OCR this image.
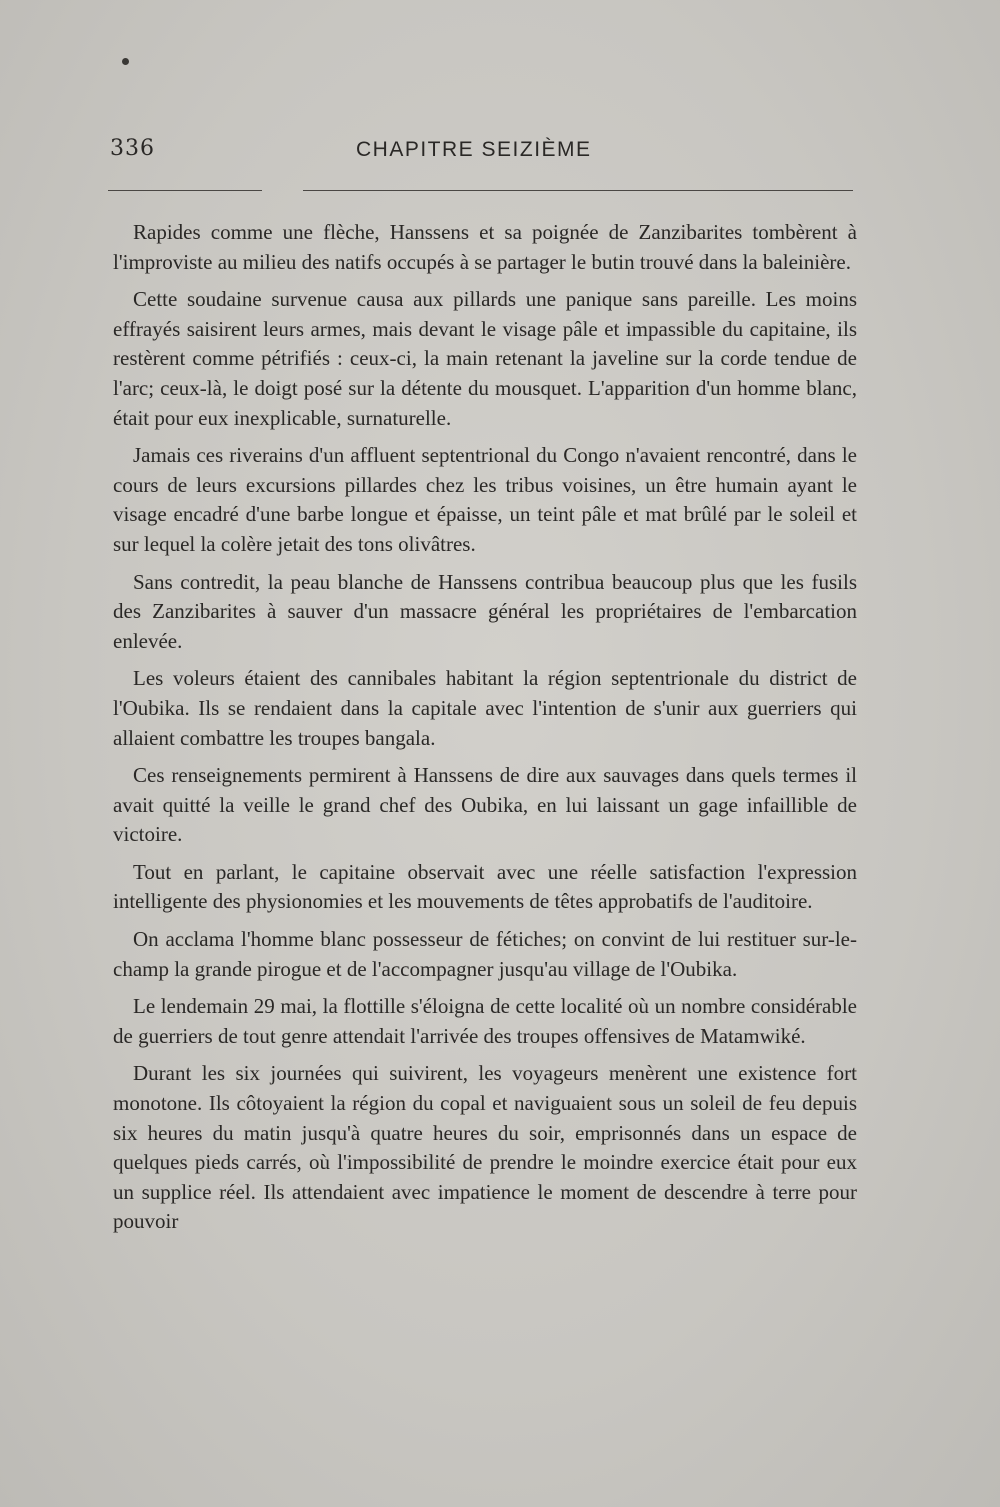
336	CHAPITRE SEIZIÈME

Rapides comme une flèche, Hanssens et sa poignée de Zanzibarites tombèrent à l'improviste au milieu des natifs occupés à se partager le butin trouvé dans la baleinière.

Cette soudaine survenue causa aux pillards une panique sans pareille. Les moins effrayés saisirent leurs armes, mais devant le visage pâle et impassible du capitaine, ils restèrent comme pétrifiés : ceux-ci, la main retenant la javeline sur la corde tendue de l'arc; ceux-là, le doigt posé sur la détente du mousquet. L'apparition d'un homme blanc, était pour eux inexplicable, surnaturelle.

Jamais ces riverains d'un affluent septentrional du Congo n'avaient rencontré, dans le cours de leurs excursions pillardes chez les tribus voisines, un être humain ayant le visage encadré d'une barbe longue et épaisse, un teint pâle et mat brûlé par le soleil et sur lequel la colère jetait des tons olivâtres.

Sans contredit, la peau blanche de Hanssens contribua beaucoup plus que les fusils des Zanzibarites à sauver d'un massacre général les propriétaires de l'embarcation enlevée.

Les voleurs étaient des cannibales habitant la région septentrionale du district de l'Oubika. Ils se rendaient dans la capitale avec l'intention de s'unir aux guerriers qui allaient combattre les troupes bangala.

Ces renseignements permirent à Hanssens de dire aux sauvages dans quels termes il avait quitté la veille le grand chef des Oubika, en lui laissant un gage infaillible de victoire.

Tout en parlant, le capitaine observait avec une réelle satisfaction l'expression intelligente des physionomies et les mouvements de têtes approbatifs de l'auditoire.

On acclama l'homme blanc possesseur de fétiches; on convint de lui restituer sur-le-champ la grande pirogue et de l'accompagner jusqu'au village de l'Oubika.

Le lendemain 29 mai, la flottille s'éloigna de cette localité où un nombre considérable de guerriers de tout genre attendait l'arrivée des troupes offensives de Matamwiké.

Durant les six journées qui suivirent, les voyageurs menèrent une existence fort monotone. Ils côtoyaient la région du copal et naviguaient sous un soleil de feu depuis six heures du matin jusqu'à quatre heures du soir, emprisonnés dans un espace de quelques pieds carrés, où l'impossibilité de prendre le moindre exercice était pour eux un supplice réel. Ils attendaient avec impatience le moment de descendre à terre pour pouvoir
